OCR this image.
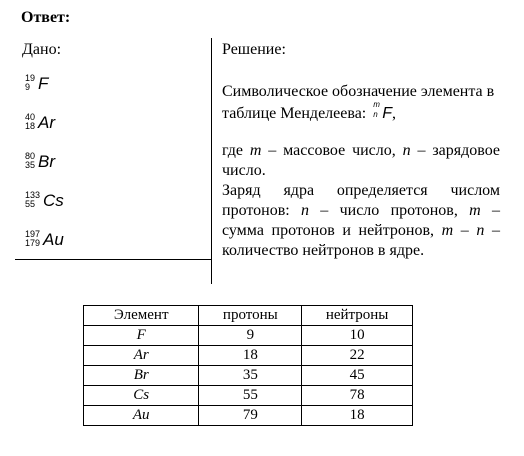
Ответ:
Дано:
19
9 F
40
18 Ar
80
35 Br
133
55 Cs
197
179 Au
Решение:
Символическое обозначение элемента в таблице Менделеева:
m
n F,
где m – массовое число, n – зарядовое число.
Заряд ядра определяется числом протонов: n – число протонов, m – сумма протонов и нейтронов, m – n – количество нейтронов в ядре.
Элемент	протоны	нейтроны
F	9	10
Ar	18	22
Br	35	45
Cs	55	78
Au	79	18
